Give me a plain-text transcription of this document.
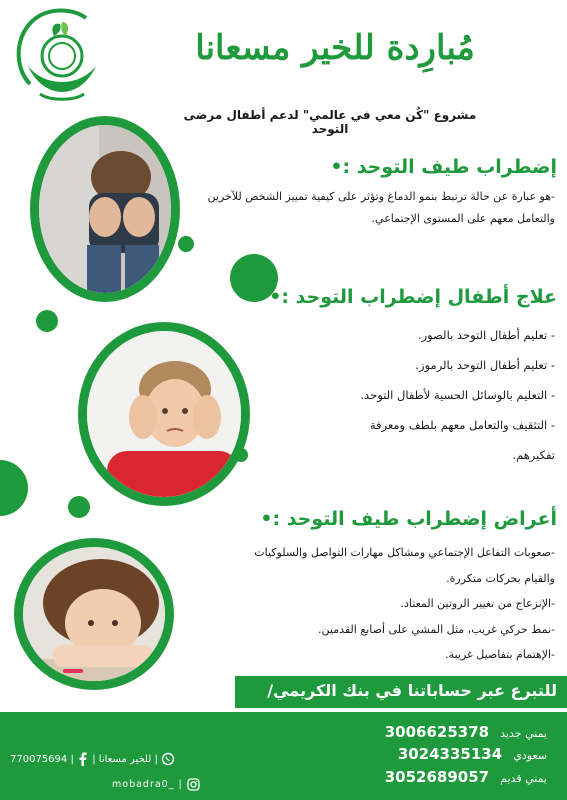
مُبارِدة للخير مسعانا
مشروع "كُن معي في عالمي" لدعم أطفال مرضى التوحد
إضطراب طيف التوحد :•
-هو عبارة عن حالة ترتبط بنمو الدماغ وتؤثر على كيفية تمييز الشخص للآخرين والتعامل معهم على المستوى الإجتماعي.
علاج أطفال إضطراب التوحد :•
- تعليم أطفال التوحد بالصور.
- تعليم أطفال التوحد بالرموز.
- التعليم بالوسائل الحسية لأطفال التوحد.
- التثقيف والتعامل معهم بلطف ومعرفة
تفكيرهم.
أعراض إضطراب طيف التوحد :•
-صعوبات التفاعل الإجتماعي ومشاكل مهارات التواصل والسلوكيات
والقيام بحركات متكررة.
-الإنزعاج من تغيير الروتين المعتاد.
-نمط حركي غريب، مثل المشي على أصابع القدمين.
-الإهتمام بتفاصيل غريبة.
للتبرع عبر حساباتنا في بنك الكريمي/
يمني جديد 3006625378
سعودي 3024335134
يمني قديم 3052689057
للخير مسعانا |  | 770075694	|
mobadra0_ |
